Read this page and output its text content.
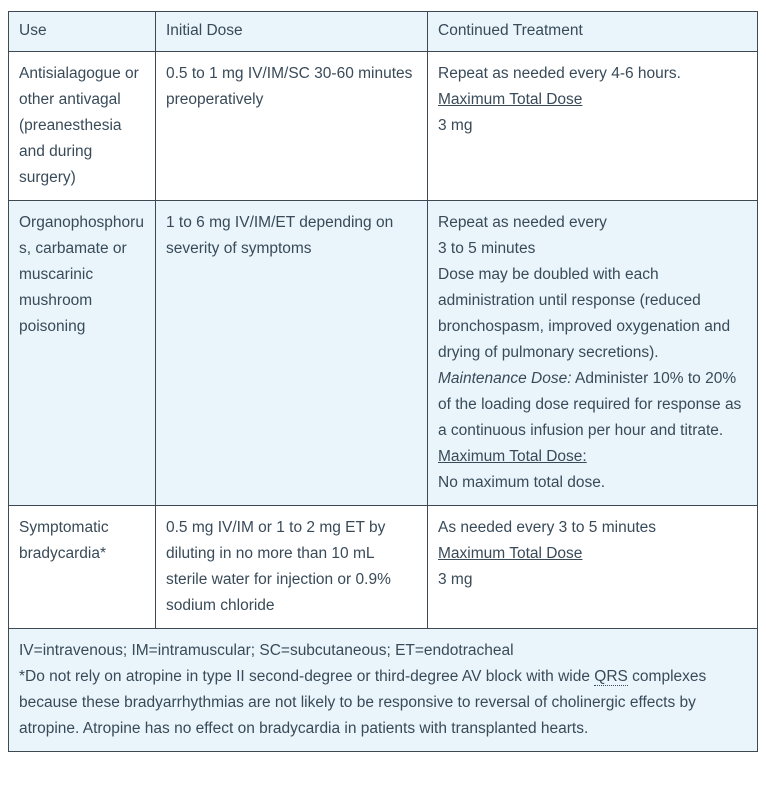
Use	Initial Dose	Continued Treatment
Antisialagogue or other antivagal (preanesthesia and during surgery)	0.5 to 1 mg IV/IM/SC 30-60 minutes preoperatively	Repeat as needed every 4-6 hours.
Maximum Total Dose
3 mg
Organophosphorus, carbamate or muscarinic mushroom poisoning	1 to 6 mg IV/IM/ET depending on severity of symptoms	Repeat as needed every
3 to 5 minutes
Dose may be doubled with each administration until response (reduced bronchospasm, improved oxygenation and drying of pulmonary secretions).
Maintenance Dose: Administer 10% to 20% of the loading dose required for response as a continuous infusion per hour and titrate.
Maximum Total Dose:
No maximum total dose.
Symptomatic bradycardia*	0.5 mg IV/IM or 1 to 2 mg ET by diluting in no more than 10 mL sterile water for injection or 0.9% sodium chloride	As needed every 3 to 5 minutes
Maximum Total Dose
3 mg

IV=intravenous; IM=intramuscular; SC=subcutaneous; ET=endotracheal
*Do not rely on atropine in type II second-degree or third-degree AV block with wide QRS complexes because these bradyarrhythmias are not likely to be responsive to reversal of cholinergic effects by atropine. Atropine has no effect on bradycardia in patients with transplanted hearts.		
